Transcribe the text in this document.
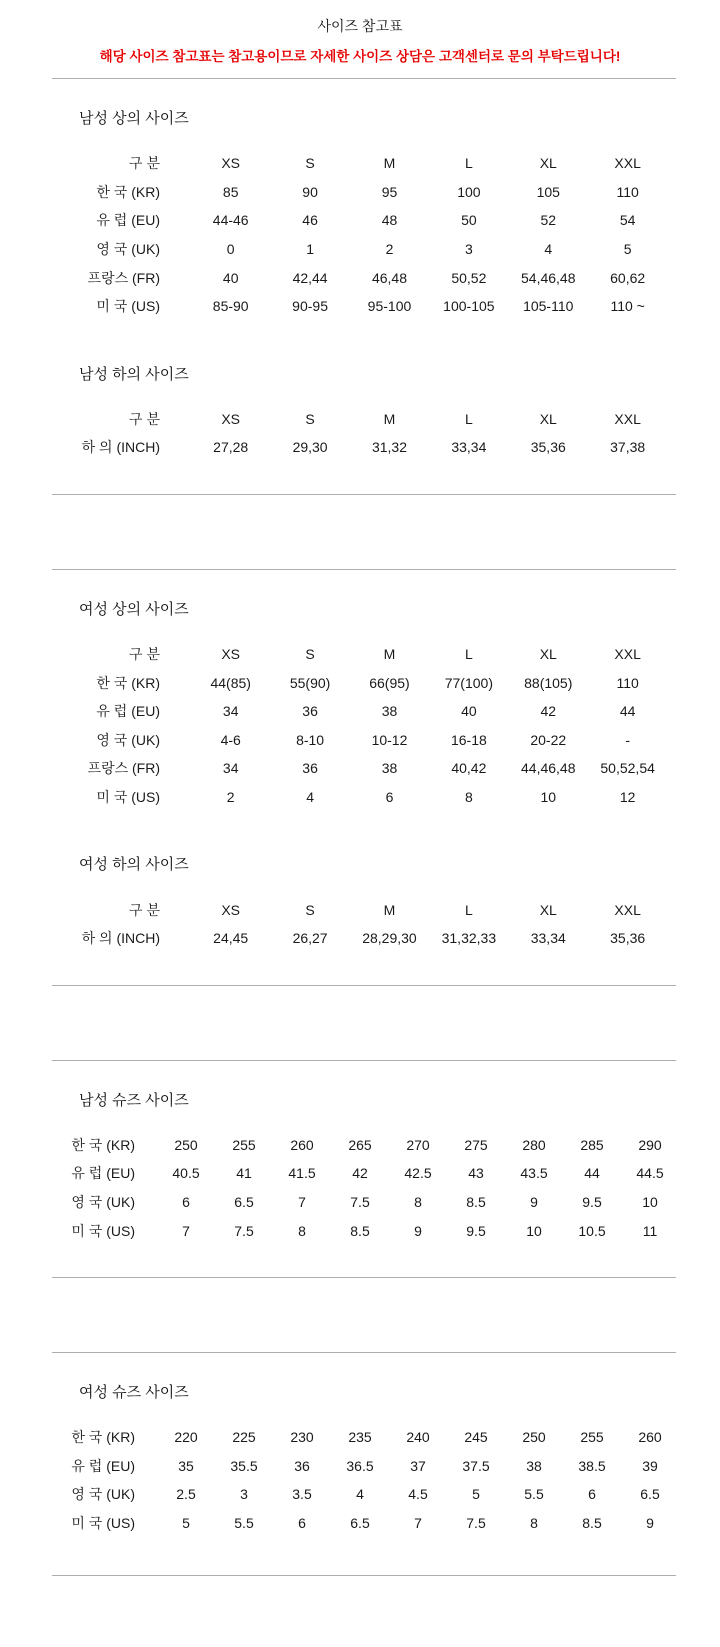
사이즈 참고표
해당 사이즈 참고표는 참고용이므로 자세한 사이즈 상담은 고객센터로 문의 부탁드립니다!
남성 상의 사이즈
구 분	XS	S	M	L	XL	XXL
한 국 (KR)	85	90	95	100	105	110
유 럽 (EU)	44-46	46	48	50	52	54
영 국 (UK)	0	1	2	3	4	5
프랑스 (FR)	40	42,44	46,48	50,52	54,46,48	60,62
미 국 (US)	85-90	90-95	95-100	100-105	105-110	110 ~
남성 하의 사이즈
구 분	XS	S	M	L	XL	XXL
하 의 (INCH)	27,28	29,30	31,32	33,34	35,36	37,38
여성 상의 사이즈
구 분	XS	S	M	L	XL	XXL
한 국 (KR)	44(85)	55(90)	66(95)	77(100)	88(105)	110
유 럽 (EU)	34	36	38	40	42	44
영 국 (UK)	4-6	8-10	10-12	16-18	20-22	-
프랑스 (FR)	34	36	38	40,42	44,46,48	50,52,54
미 국 (US)	2	4	6	8	10	12
여성 하의 사이즈
구 분	XS	S	M	L	XL	XXL
하 의 (INCH)	24,45	26,27	28,29,30	31,32,33	33,34	35,36
남성 슈즈 사이즈
한 국 (KR)	250	255	260	265	270	275	280	285	290
유 럽 (EU)	40.5	41	41.5	42	42.5	43	43.5	44	44.5
영 국 (UK)	6	6.5	7	7.5	8	8.5	9	9.5	10
미 국 (US)	7	7.5	8	8.5	9	9.5	10	10.5	11
여성 슈즈 사이즈
한 국 (KR)	220	225	230	235	240	245	250	255	260
유 럽 (EU)	35	35.5	36	36.5	37	37.5	38	38.5	39
영 국 (UK)	2.5	3	3.5	4	4.5	5	5.5	6	6.5
미 국 (US)	5	5.5	6	6.5	7	7.5	8	8.5	9
